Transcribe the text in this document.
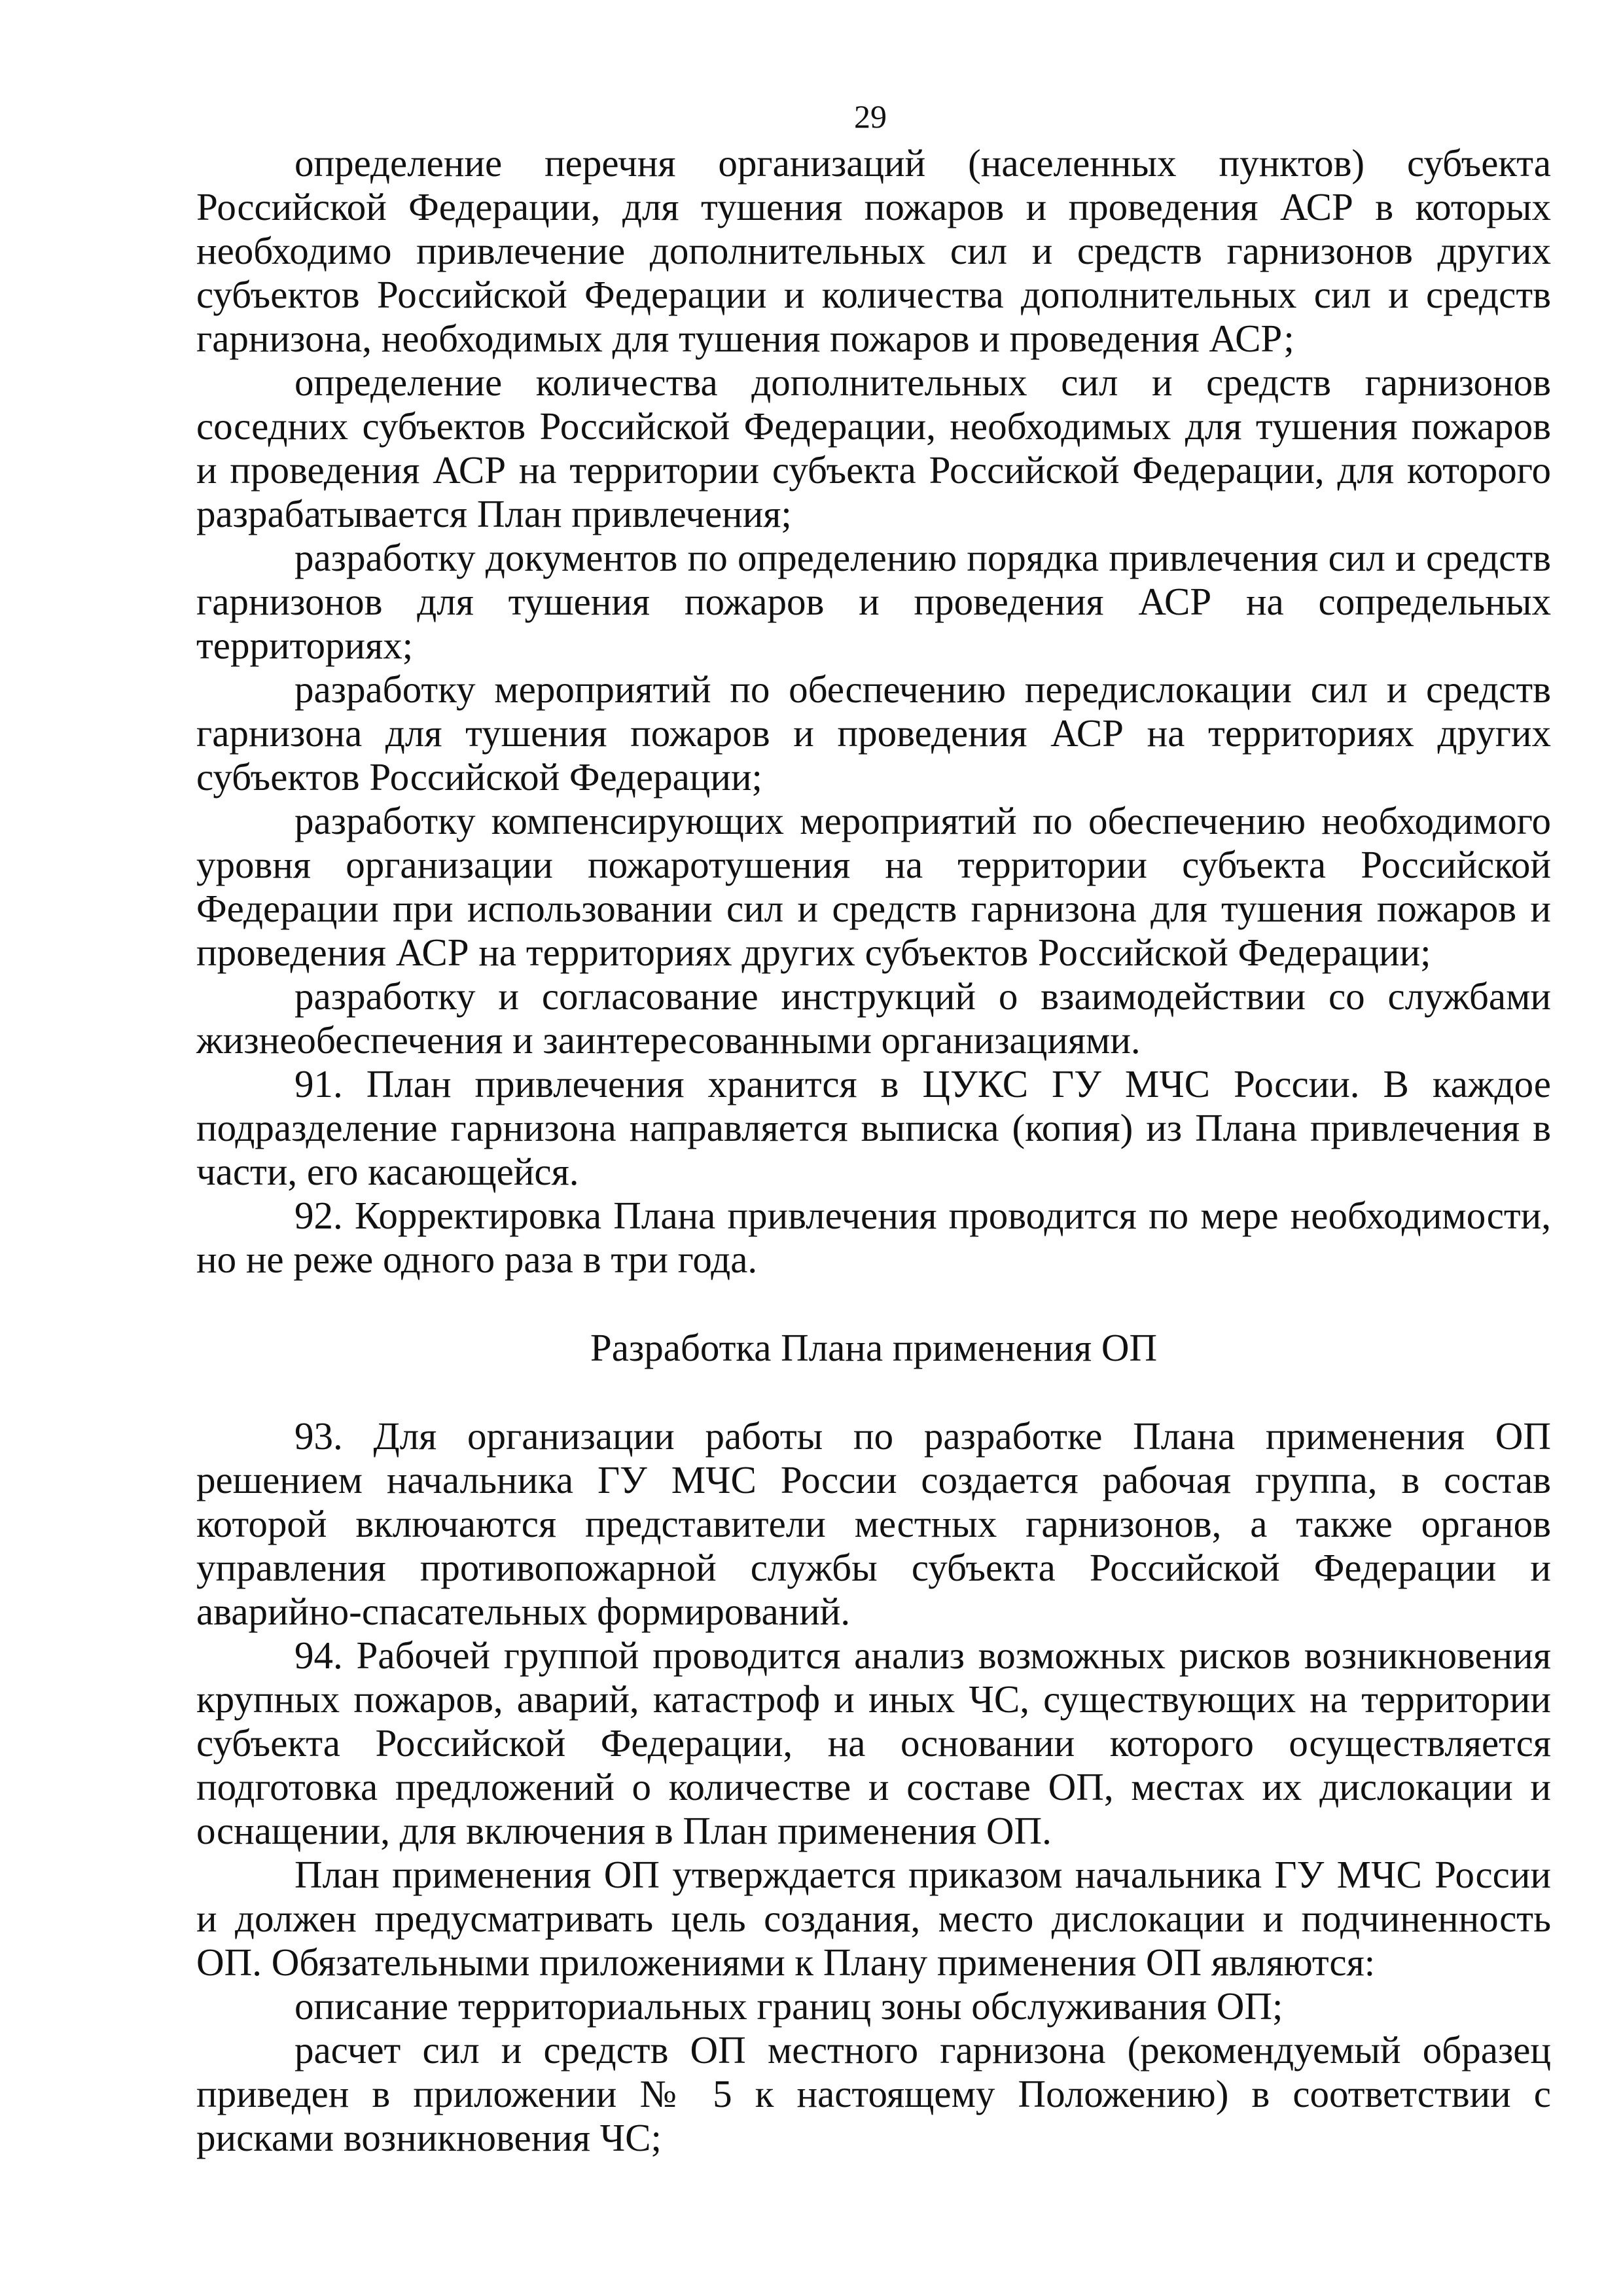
29

определение перечня организаций (населенных пунктов) субъекта Российской Федерации, для тушения пожаров и проведения АСР в которых необходимо привлечение дополнительных сил и средств гарнизонов других субъектов Российской Федерации и количества дополнительных сил и средств гарнизона, необходимых для тушения пожаров и проведения АСР;

определение количества дополнительных сил и средств гарнизонов соседних субъектов Российской Федерации, необходимых для тушения пожаров и проведения АСР на территории субъекта Российской Федерации, для которого разрабатывается План привлечения;

разработку документов по определению порядка привлечения сил и средств гарнизонов для тушения пожаров и проведения АСР на сопредельных территориях;

разработку мероприятий по обеспечению передислокации сил и средств гарнизона для тушения пожаров и проведения АСР на территориях других субъектов Российской Федерации;

разработку компенсирующих мероприятий по обеспечению необходимого уровня организации пожаротушения на территории субъекта Российской Федерации при использовании сил и средств гарнизона для тушения пожаров и проведения АСР на территориях других субъектов Российской Федерации;

разработку и согласование инструкций о взаимодействии со службами жизнеобеспечения и заинтересованными организациями.

91. План привлечения хранится в ЦУКС ГУ МЧС России. В каждое подразделение гарнизона направляется выписка (копия) из Плана привлечения в части, его касающейся.

92. Корректировка Плана привлечения проводится по мере необходимости, но не реже одного раза в три года.

Разработка Плана применения ОП

93. Для организации работы по разработке Плана применения ОП решением начальника ГУ МЧС России создается рабочая группа, в состав которой включаются представители местных гарнизонов, а также органов управления противопожарной службы субъекта Российской Федерации и аварийно-спасательных формирований.

94. Рабочей группой проводится анализ возможных рисков возникновения крупных пожаров, аварий, катастроф и иных ЧС, существующих на территории субъекта Российской Федерации, на основании которого осуществляется подготовка предложений о количестве и составе ОП, местах их дислокации и оснащении, для включения в План применения ОП.

План применения ОП утверждается приказом начальника ГУ МЧС России и должен предусматривать цель создания, место дислокации и подчиненность ОП. Обязательными приложениями к Плану применения ОП являются:

описание территориальных границ зоны обслуживания ОП;

расчет сил и средств ОП местного гарнизона (рекомендуемый образец приведен в приложении № 5 к настоящему Положению) в соответствии с рисками возникновения ЧС;
